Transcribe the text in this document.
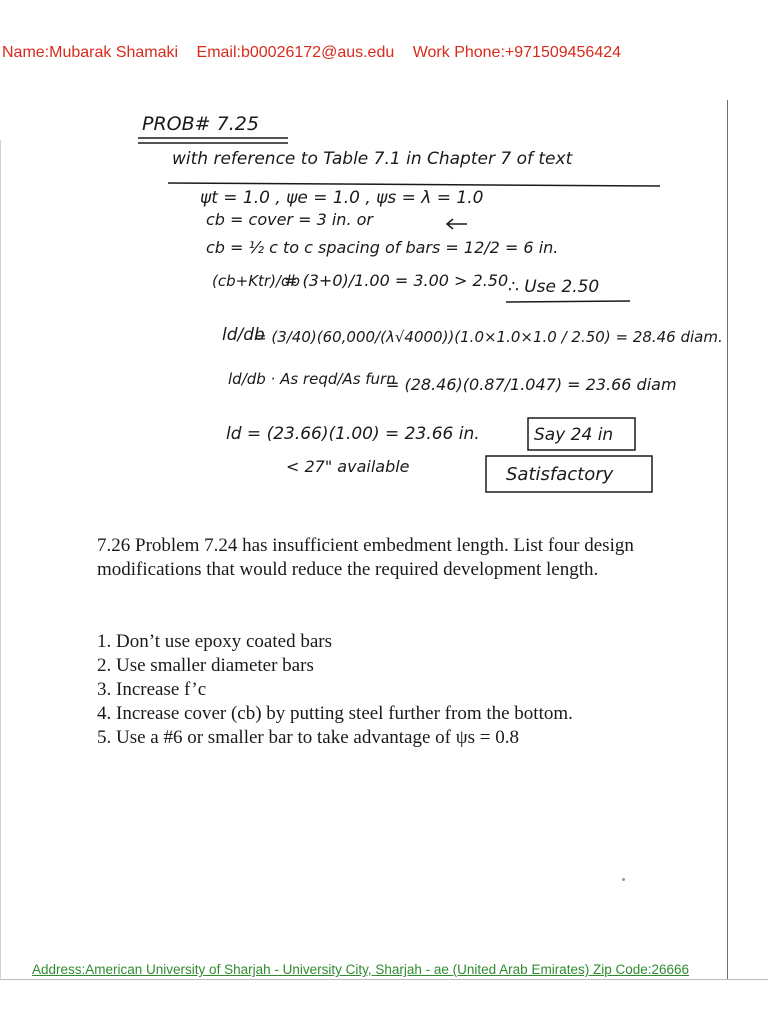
Name:Mubarak Shamaki Email:b00026172@aus.edu Work Phone:+971509456424
PROB# 7.25
with reference to Table 7.1 in Chapter 7 of text
ψt = 1.0 , ψe = 1.0 , ψs = λ = 1.0
cb = cover = 3 in. or
cb = ½ c to c spacing of bars = 12/2 = 6 in.
(cb+Ktr)/db
= (3+0)/1.00 = 3.00 > 2.50 ∴ Use 2.50
ld/db
= (3/40)(60,000/(λ√4000))(1.0×1.0×1.0 / 2.50) = 28.46 diam.
ld/db · As reqd/As furn
= (28.46)(0.87/1.047) = 23.66 diam
ld = (23.66)(1.00) = 23.66 in.	Say 24 in
< 27" available	Satisfactory
7.26 Problem 7.24 has insufficient embedment length. List four design modifications that would reduce the required development length.
1. Don’t use epoxy coated bars
2. Use smaller diameter bars
3. Increase f’c
4. Increase cover (cb) by putting steel further from the bottom.
5. Use a #6 or smaller bar to take advantage of ψs = 0.8
Address:American University of Sharjah - University City, Sharjah - ae (United Arab Emirates) Zip Code:26666
